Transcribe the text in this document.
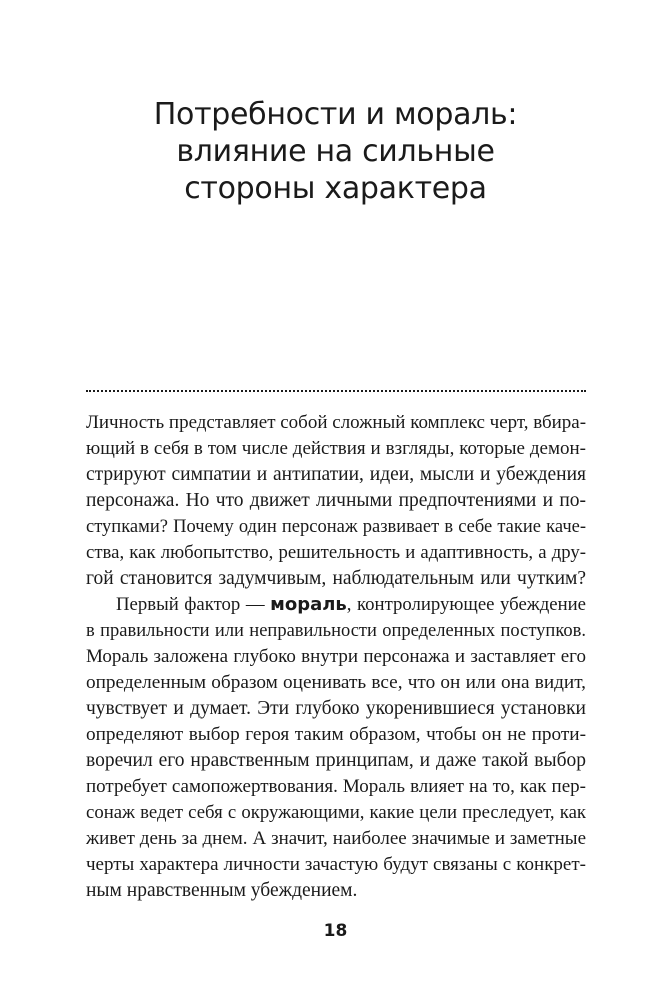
Потребности и мораль:
влияние на сильные
стороны характера
Личность представляет собой сложный комплекс черт, вбира-
ющий в себя в том числе действия и взгляды, которые демон-
стрируют симпатии и антипатии, идеи, мысли и убеждения
персонажа. Но что движет личными предпочтениями и по-
ступками? Почему один персонаж развивает в себе такие каче-
ства, как любопытство, решительность и адаптивность, а дру-
гой становится задумчивым, наблюдательным или чутким?
Первый фактор — мораль, контролирующее убеждение
в правильности или неправильности определенных поступков.
Мораль заложена глубоко внутри персонажа и заставляет его
определенным образом оценивать все, что он или она видит,
чувствует и думает. Эти глубоко укоренившиеся установки
определяют выбор героя таким образом, чтобы он не проти-
воречил его нравственным принципам, и даже такой выбор
потребует самопожертвования. Мораль влияет на то, как пер-
сонаж ведет себя с окружающими, какие цели преследует, как
живет день за днем. А значит, наиболее значимые и заметные
черты характера личности зачастую будут связаны с конкрет-
ным нравственным убеждением.
18
